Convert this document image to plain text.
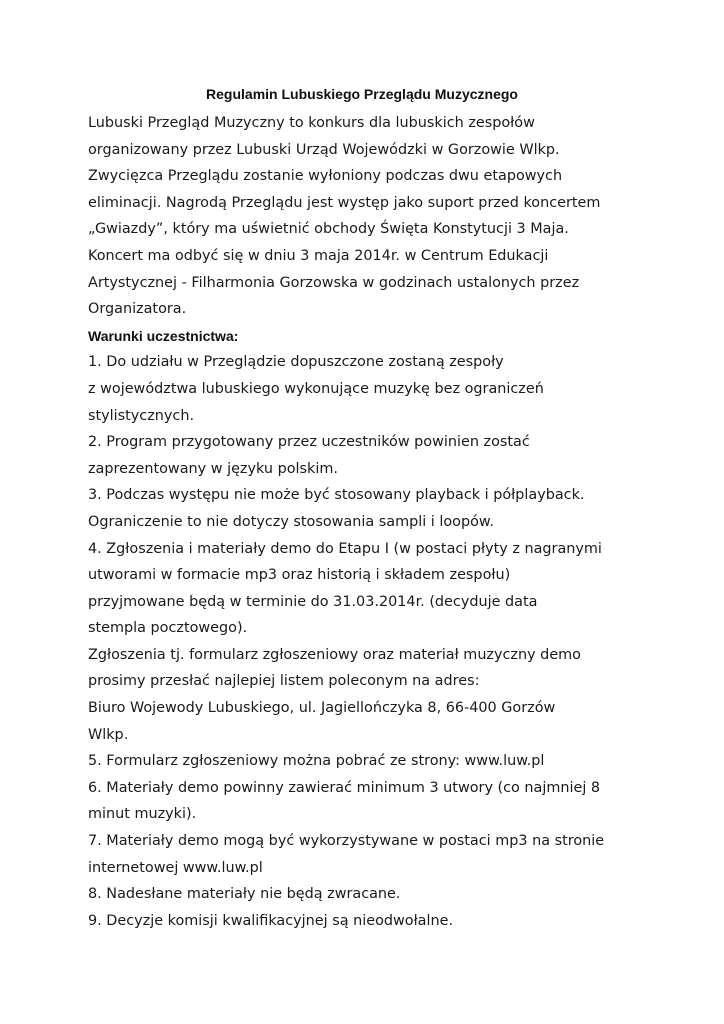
Regulamin Lubuskiego Przeglądu Muzycznego
Lubuski Przegląd Muzyczny to konkurs dla lubuskich zespołów
organizowany przez Lubuski Urząd Wojewódzki w Gorzowie Wlkp.
Zwycięzca Przeglądu zostanie wyłoniony podczas dwu etapowych
eliminacji. Nagrodą Przeglądu jest występ jako suport przed koncertem
„Gwiazdy”, który ma uświetnić obchody Święta Konstytucji 3 Maja.
Koncert ma odbyć się w dniu 3 maja 2014r. w Centrum Edukacji
Artystycznej - Filharmonia Gorzowska w godzinach ustalonych przez
Organizatora.
Warunki uczestnictwa:
1. Do udziału w Przeglądzie dopuszczone zostaną zespoły
z województwa lubuskiego wykonujące muzykę bez ograniczeń
stylistycznych.
2. Program przygotowany przez uczestników powinien zostać
zaprezentowany w języku polskim.
3. Podczas występu nie może być stosowany playback i półplayback.
Ograniczenie to nie dotyczy stosowania sampli i loopów.
4. Zgłoszenia i materiały demo do Etapu I (w postaci płyty z nagranymi
utworami w formacie mp3 oraz historią i składem zespołu)
przyjmowane będą w terminie do 31.03.2014r. (decyduje data
stempla pocztowego).
Zgłoszenia tj. formularz zgłoszeniowy oraz materiał muzyczny demo
prosimy przesłać najlepiej listem poleconym na adres:
Biuro Wojewody Lubuskiego, ul. Jagiellończyka 8, 66-400 Gorzów
Wlkp.
5. Formularz zgłoszeniowy można pobrać ze strony: www.luw.pl
6. Materiały demo powinny zawierać minimum 3 utwory (co najmniej 8
minut muzyki).
7. Materiały demo mogą być wykorzystywane w postaci mp3 na stronie
internetowej www.luw.pl
8. Nadesłane materiały nie będą zwracane.
9. Decyzje komisji kwalifikacyjnej są nieodwołalne.
